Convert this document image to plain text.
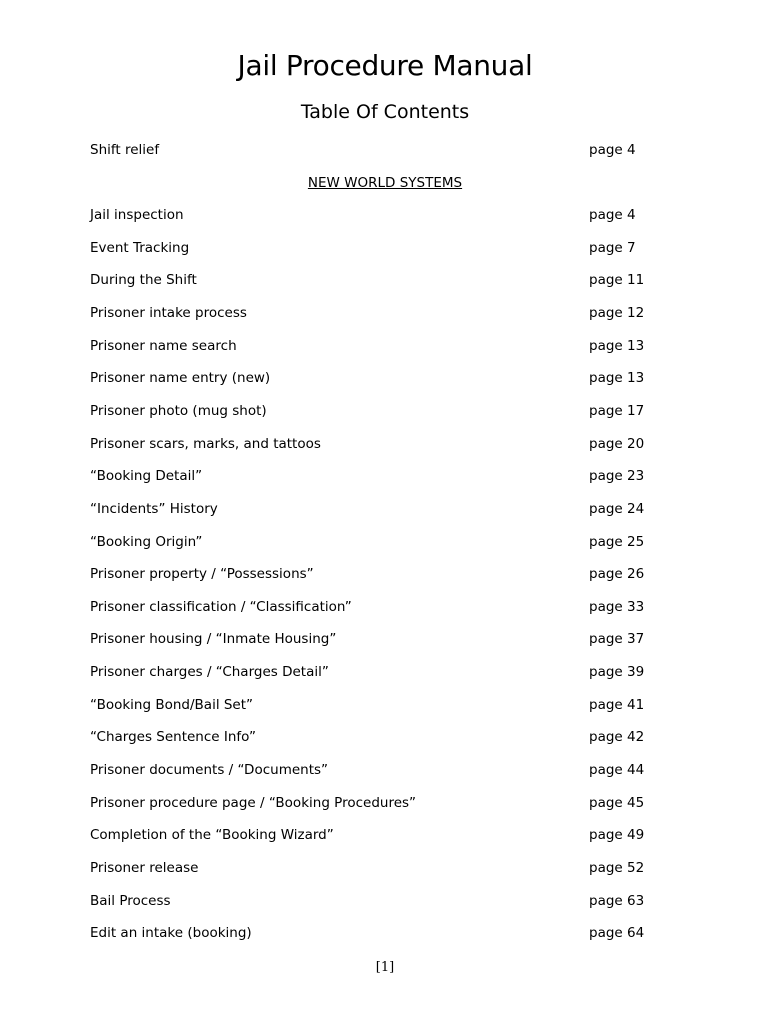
Jail Procedure Manual
Table Of Contents
Shift relief	page 4
NEW WORLD SYSTEMS
Jail inspection	page 4
Event Tracking	page 7
During the Shift	page 11
Prisoner intake process	page 12
Prisoner name search	page 13
Prisoner name entry (new)	page 13
Prisoner photo (mug shot)	page 17
Prisoner scars, marks, and tattoos	page 20
“Booking Detail”	page 23
“Incidents” History	page 24
“Booking Origin”	page 25
Prisoner property / “Possessions”	page 26
Prisoner classification / “Classification”	page 33
Prisoner housing / “Inmate Housing”	page 37
Prisoner charges / “Charges Detail”	page 39
“Booking Bond/Bail Set”	page 41
“Charges Sentence Info”	page 42
Prisoner documents / “Documents”	page 44
Prisoner procedure page / “Booking Procedures”	page 45
Completion of the “Booking Wizard”	page 49
Prisoner release	page 52
Bail Process	page 63
Edit an intake (booking)	page 64
[1]
